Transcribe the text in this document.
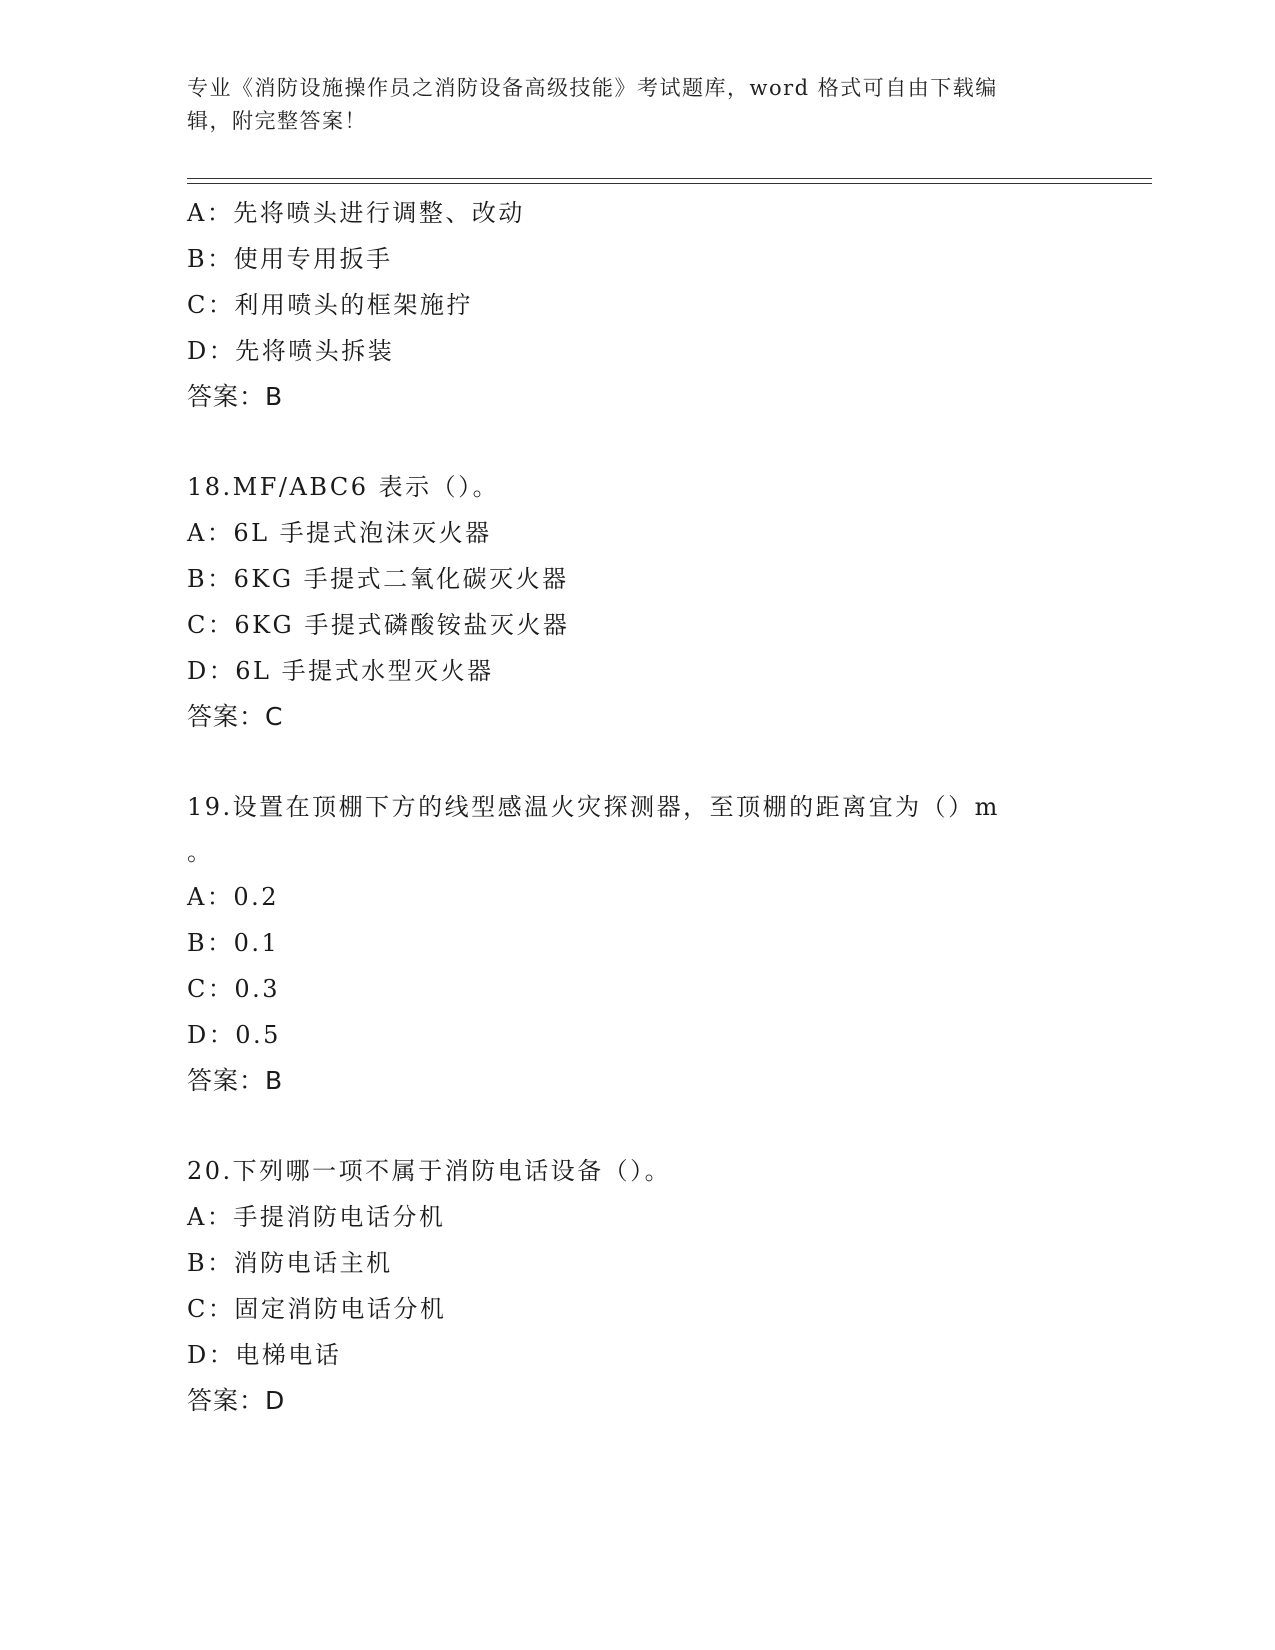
专业《消防设施操作员之消防设备高级技能》考试题库，word 格式可自由下载编
辑，附完整答案！
A：先将喷头进行调整、改动
B：使用专用扳手
C：利用喷头的框架施拧
D：先将喷头拆装
答案：B
18.MF/ABC6 表示（）。
A：6L 手提式泡沫灭火器
B：6KG 手提式二氧化碳灭火器
C：6KG 手提式磷酸铵盐灭火器
D：6L 手提式水型灭火器
答案：C
19.设置在顶棚下方的线型感温火灾探测器，至顶棚的距离宜为（）m
。
A：0.2
B：0.1
C：0.3
D：0.5
答案：B
20.下列哪一项不属于消防电话设备（）。
A：手提消防电话分机
B：消防电话主机
C：固定消防电话分机
D：电梯电话
答案：D
